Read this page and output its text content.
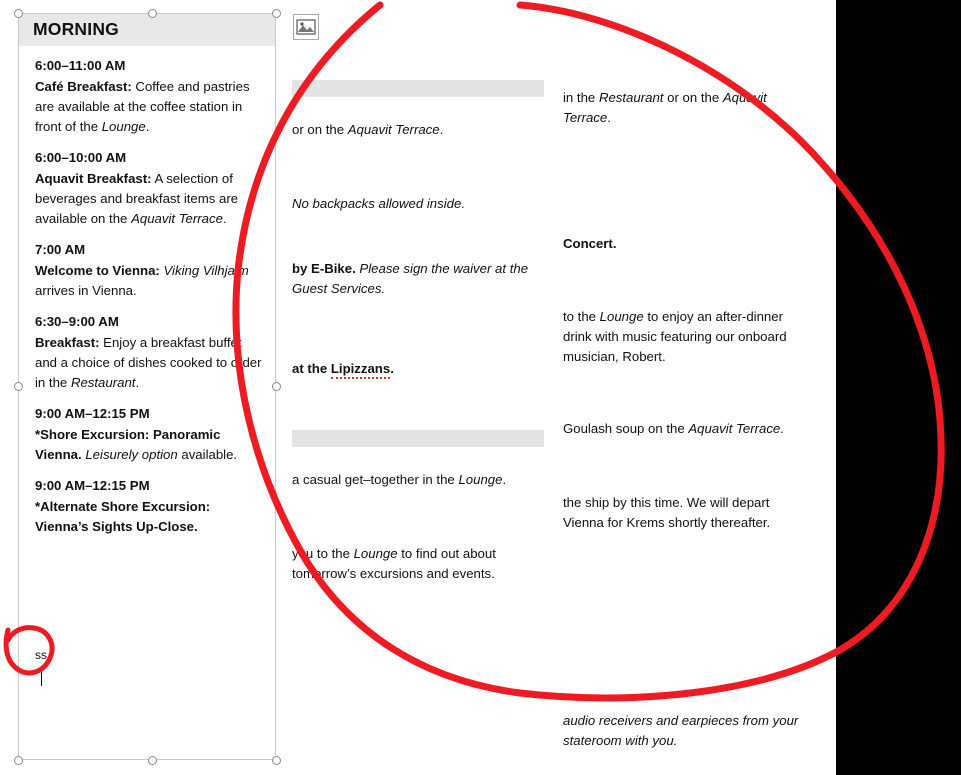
or on the Aquavit Terrace.
No backpacks allowed inside.
by E-Bike. Please sign the waiver at the Guest Services.
at the Lipizzans.
a casual get–together in the Lounge.
you to the Lounge to find out about tomorrow’s excursions and events.
in the Restaurant or on the Aquavit Terrace.
Concert.
to the Lounge to enjoy an after-dinner drink with music featuring our onboard musician, Robert.
Goulash soup on the Aquavit Terrace.
the ship by this time. We will depart Vienna for Krems shortly thereafter.
audio receivers and earpieces from your stateroom with you.
MORNING
6:00–11:00 AM
Café Breakfast: Coffee and pastries are available at the coffee station in front of the Lounge.
6:00–10:00 AM
Aquavit Breakfast: A selection of beverages and breakfast items are available on the Aquavit Terrace.
7:00 AM
Welcome to Vienna: Viking Vilhjalm arrives in Vienna.
6:30–9:00 AM
Breakfast: Enjoy a breakfast buffet and a choice of dishes cooked to order in the Restaurant.
9:00 AM–12:15 PM
*Shore Excursion: Panoramic Vienna. Leisurely option available.
9:00 AM–12:15 PM
*Alternate Shore Excursion: Vienna’s Sights Up-Close.
ss
